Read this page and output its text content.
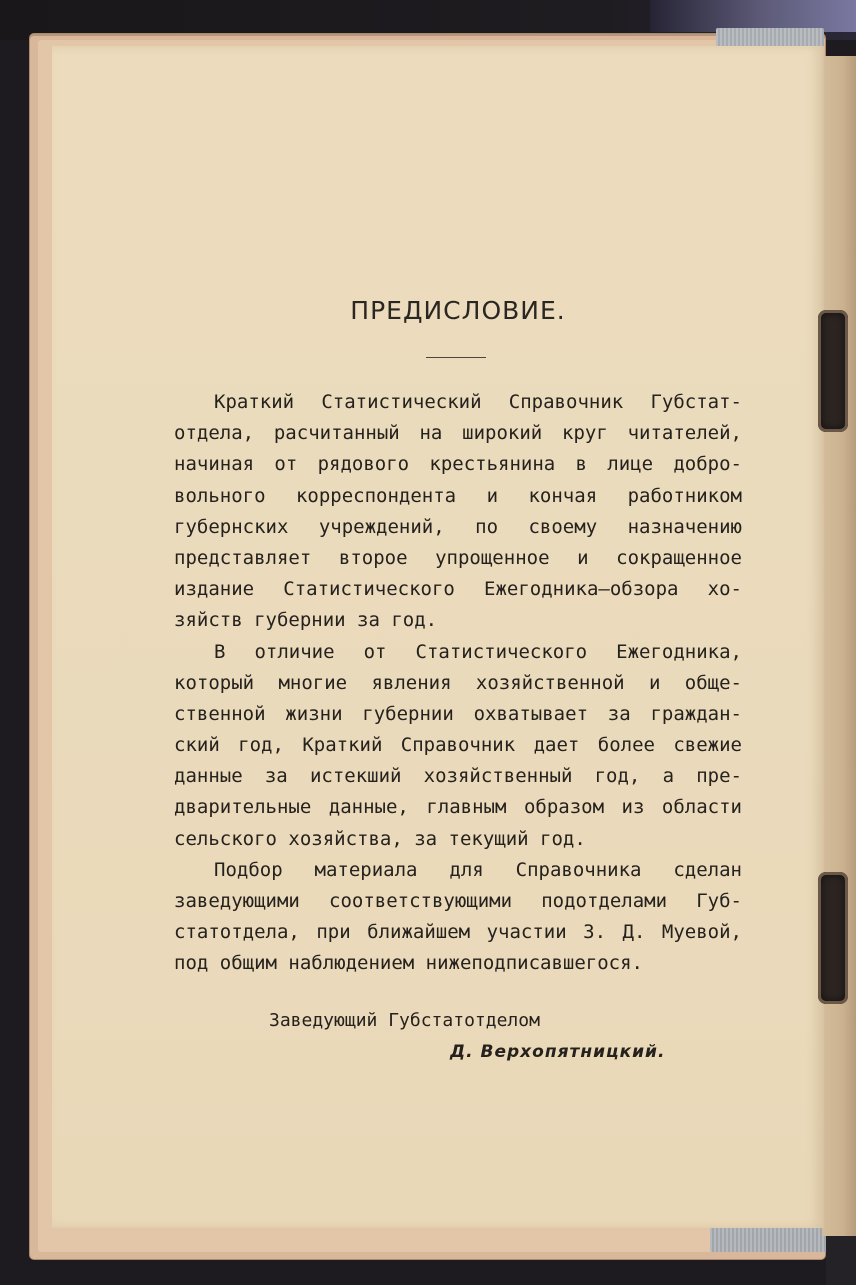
ПРЕДИСЛОВИЕ.
Краткий Статистический Справочник Губстат-
отдела, расчитанный на широкий круг читателей,
начиная от рядового крестьянина в лице добро-
вольного корреспондента и кончая работником
губернских учреждений, по своему назначению
представляет второе упрощенное и сокращенное
издание Статистического Ежегодника—обзора хо-
зяйств губернии за год.
В отличие от Статистического Ежегодника,
который многие явления хозяйственной и обще-
ственной жизни губернии охватывает за граждан-
ский год, Краткий Справочник дает более свежие
данные за истекший хозяйственный год, а пре-
дварительные данные, главным образом из области
сельского хозяйства, за текущий год.
Подбор материала для Справочника сделан
заведующими соответствующими подотделами Губ-
статотдела, при ближайшем участии З. Д. Муевой,
под общим наблюдением нижеподписавшегося.
Заведующий Губстатотделом
Д. Верхопятницкий.
